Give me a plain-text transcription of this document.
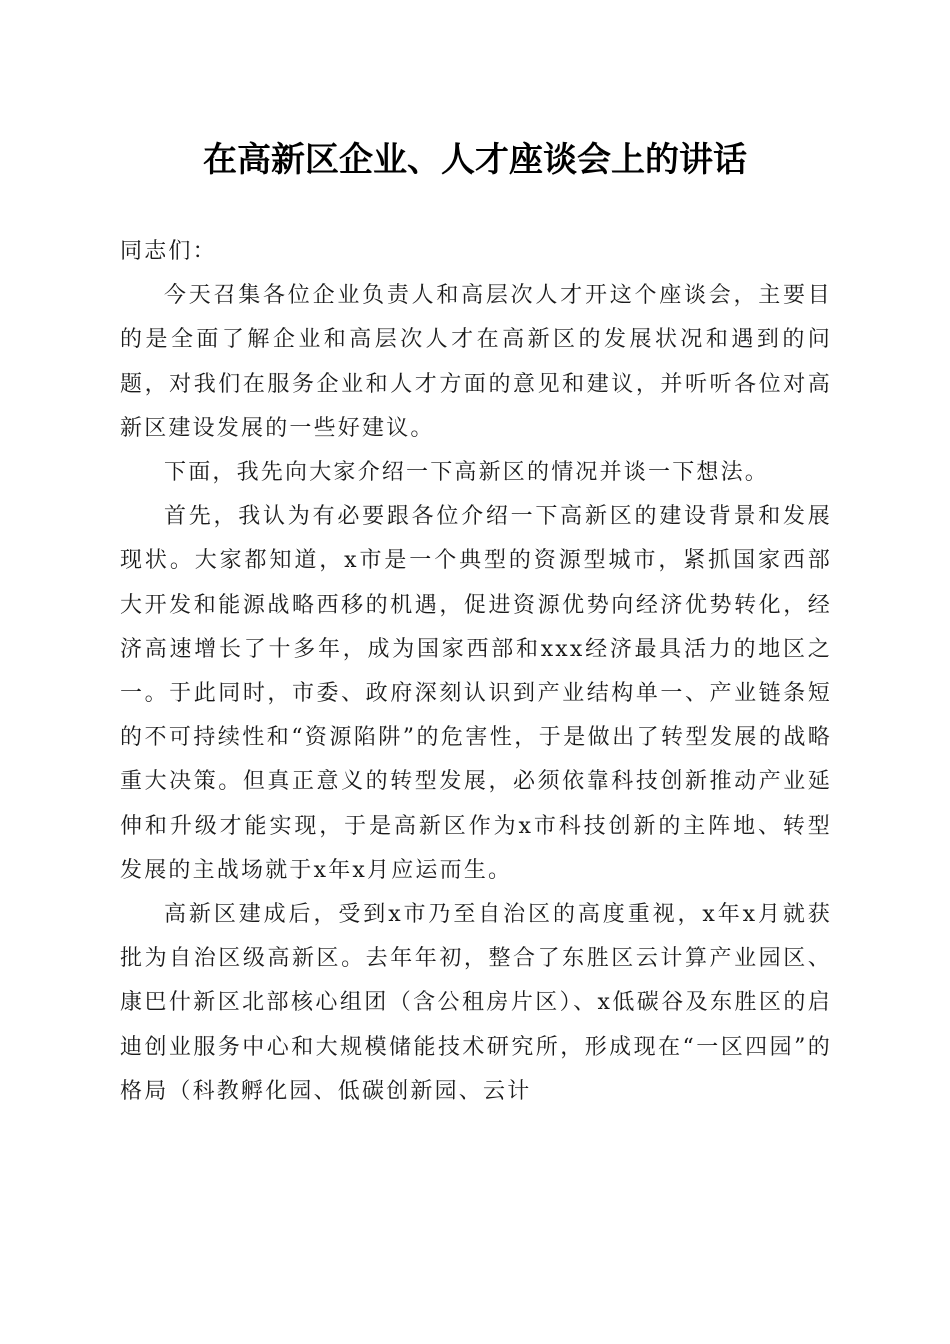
在高新区企业、人才座谈会上的讲话

同志们：

今天召集各位企业负责人和高层次人才开这个座谈会，主要目的是全面了解企业和高层次人才在高新区的发展状况和遇到的问题，对我们在服务企业和人才方面的意见和建议，并听听各位对高新区建设发展的一些好建议。

下面，我先向大家介绍一下高新区的情况并谈一下想法。

首先，我认为有必要跟各位介绍一下高新区的建设背景和发展现状。大家都知道，x市是一个典型的资源型城市，紧抓国家西部大开发和能源战略西移的机遇，促进资源优势向经济优势转化，经济高速增长了十多年，成为国家西部和xxx经济最具活力的地区之一。于此同时，市委、政府深刻认识到产业结构单一、产业链条短的不可持续性和“资源陷阱”的危害性，于是做出了转型发展的战略重大决策。但真正意义的转型发展，必须依靠科技创新推动产业延伸和升级才能实现，于是高新区作为x市科技创新的主阵地、转型发展的主战场就于x年x月应运而生。

高新区建成后，受到x市乃至自治区的高度重视，x年x月就获批为自治区级高新区。去年年初，整合了东胜区云计算产业园区、康巴什新区北部核心组团（含公租房片区）、x低碳谷及东胜区的启迪创业服务中心和大规模储能技术研究所，形成现在“一区四园”的格局（科教孵化园、低碳创新园、云计
